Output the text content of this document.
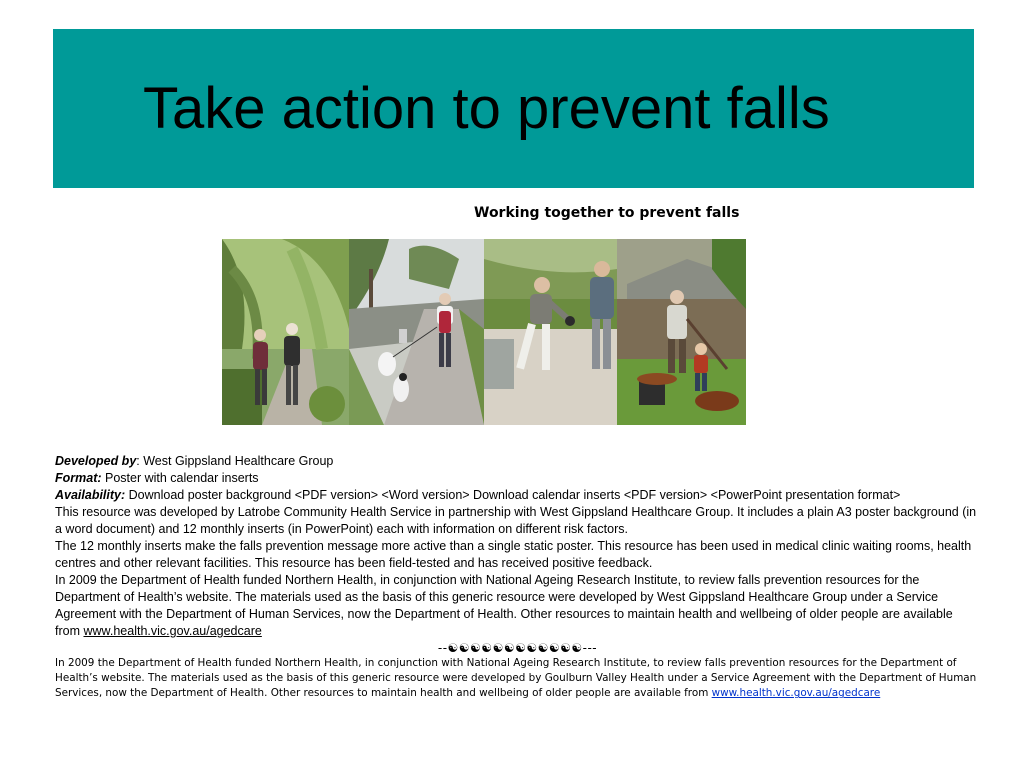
Take action to prevent falls
Working together to prevent falls

Developed by: West Gippsland Healthcare Group

Format: Poster with calendar inserts

Availability: Download poster background <PDF version> <Word version> Download calendar inserts <PDF version> <PowerPoint presentation format>

This resource was developed by Latrobe Community Health Service in partnership with West Gippsland Healthcare Group. It includes a plain A3 poster background (in a word document) and 12 monthly inserts (in PowerPoint) each with information on different risk factors.

The 12 monthly inserts make the falls prevention message more active than a single static poster. This resource has been used in medical clinic waiting rooms, health centres and other relevant facilities. This resource has been field-tested and has received positive feedback.

In 2009 the Department of Health funded Northern Health, in conjunction with National Ageing Research Institute, to review falls prevention resources for the Department of Health’s website. The materials used as the basis of this generic resource were developed by West Gippsland Healthcare Group under a Service Agreement with the Department of Human Services, now the Department of Health. Other resources to maintain health and wellbeing of older people are available from www.health.vic.gov.au/agedcare

--☯☯☯☯☯☯☯☯☯☯☯☯---

In 2009 the Department of Health funded Northern Health, in conjunction with National Ageing Research Institute, to review falls prevention resources for the Department of Health’s website. The materials used as the basis of this generic resource were developed by Goulburn Valley Health under a Service Agreement with the Department of Human Services, now the Department of Health. Other resources to maintain health and wellbeing of older people are available from www.health.vic.gov.au/agedcare
